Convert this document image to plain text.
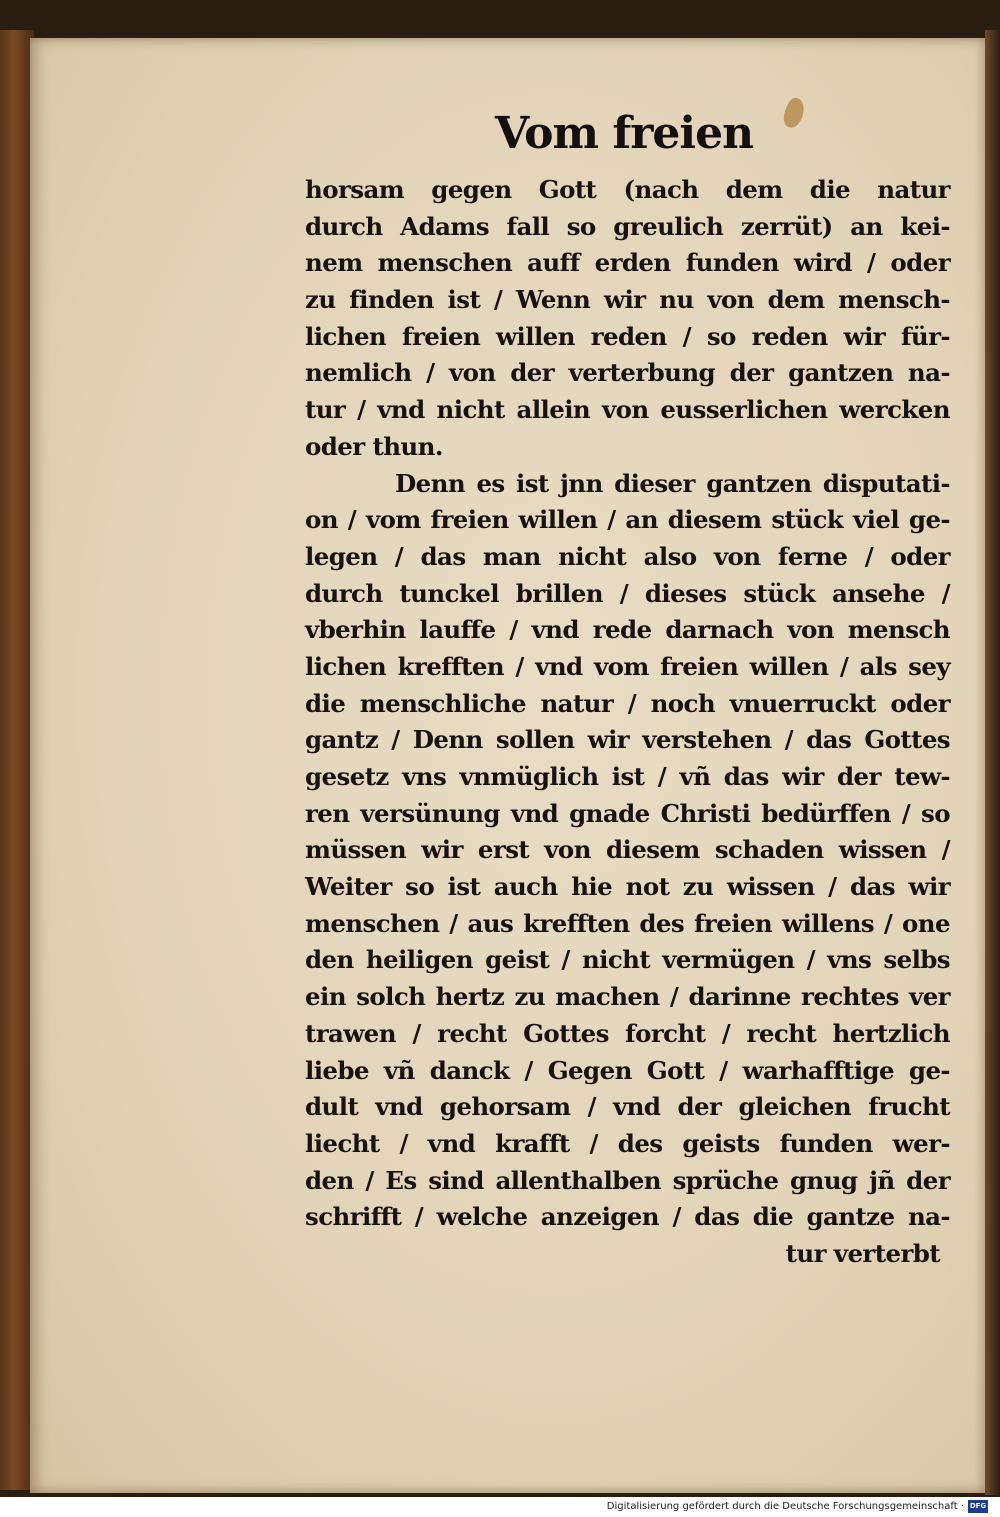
Vom freien
horsam gegen Gott (nach dem die natur
durch Adams fall so greulich zerrüt) an kei-
nem menschen auff erden funden wird / oder
zu finden ist / Wenn wir nu von dem mensch-
lichen freien willen reden / so reden wir für-
nemlich / von der verterbung der gantzen na-
tur / vnd nicht allein von eusserlichen wercken
oder thun.
Denn es ist jnn dieser gantzen disputati-
on / vom freien willen / an diesem stück viel ge-
legen / das man nicht also von ferne / oder
durch tunckel brillen / dieses stück ansehe /
vberhin lauffe / vnd rede darnach von mensch
lichen krefften / vnd vom freien willen / als sey
die menschliche natur / noch vnuerruckt oder
gantz / Denn sollen wir verstehen / das Gottes
gesetz vns vnmüglich ist / vñ das wir der tew-
ren versünung vnd gnade Christi bedürffen / so
müssen wir erst von diesem schaden wissen /
Weiter so ist auch hie not zu wissen / das wir
menschen / aus krefften des freien willens / one
den heiligen geist / nicht vermügen / vns selbs
ein solch hertz zu machen / darinne rechtes ver
trawen / recht Gottes forcht / recht hertzlich
liebe vñ danck / Gegen Gott / warhafftige ge-
dult vnd gehorsam / vnd der gleichen frucht
liecht / vnd krafft / des geists funden wer-
den / Es sind allenthalben sprüche gnug jñ der
schrifft / welche anzeigen / das die gantze na-
tur verterbt
Digitalisierung gefördert durch die Deutsche Forschungsgemeinschaft · DFG
